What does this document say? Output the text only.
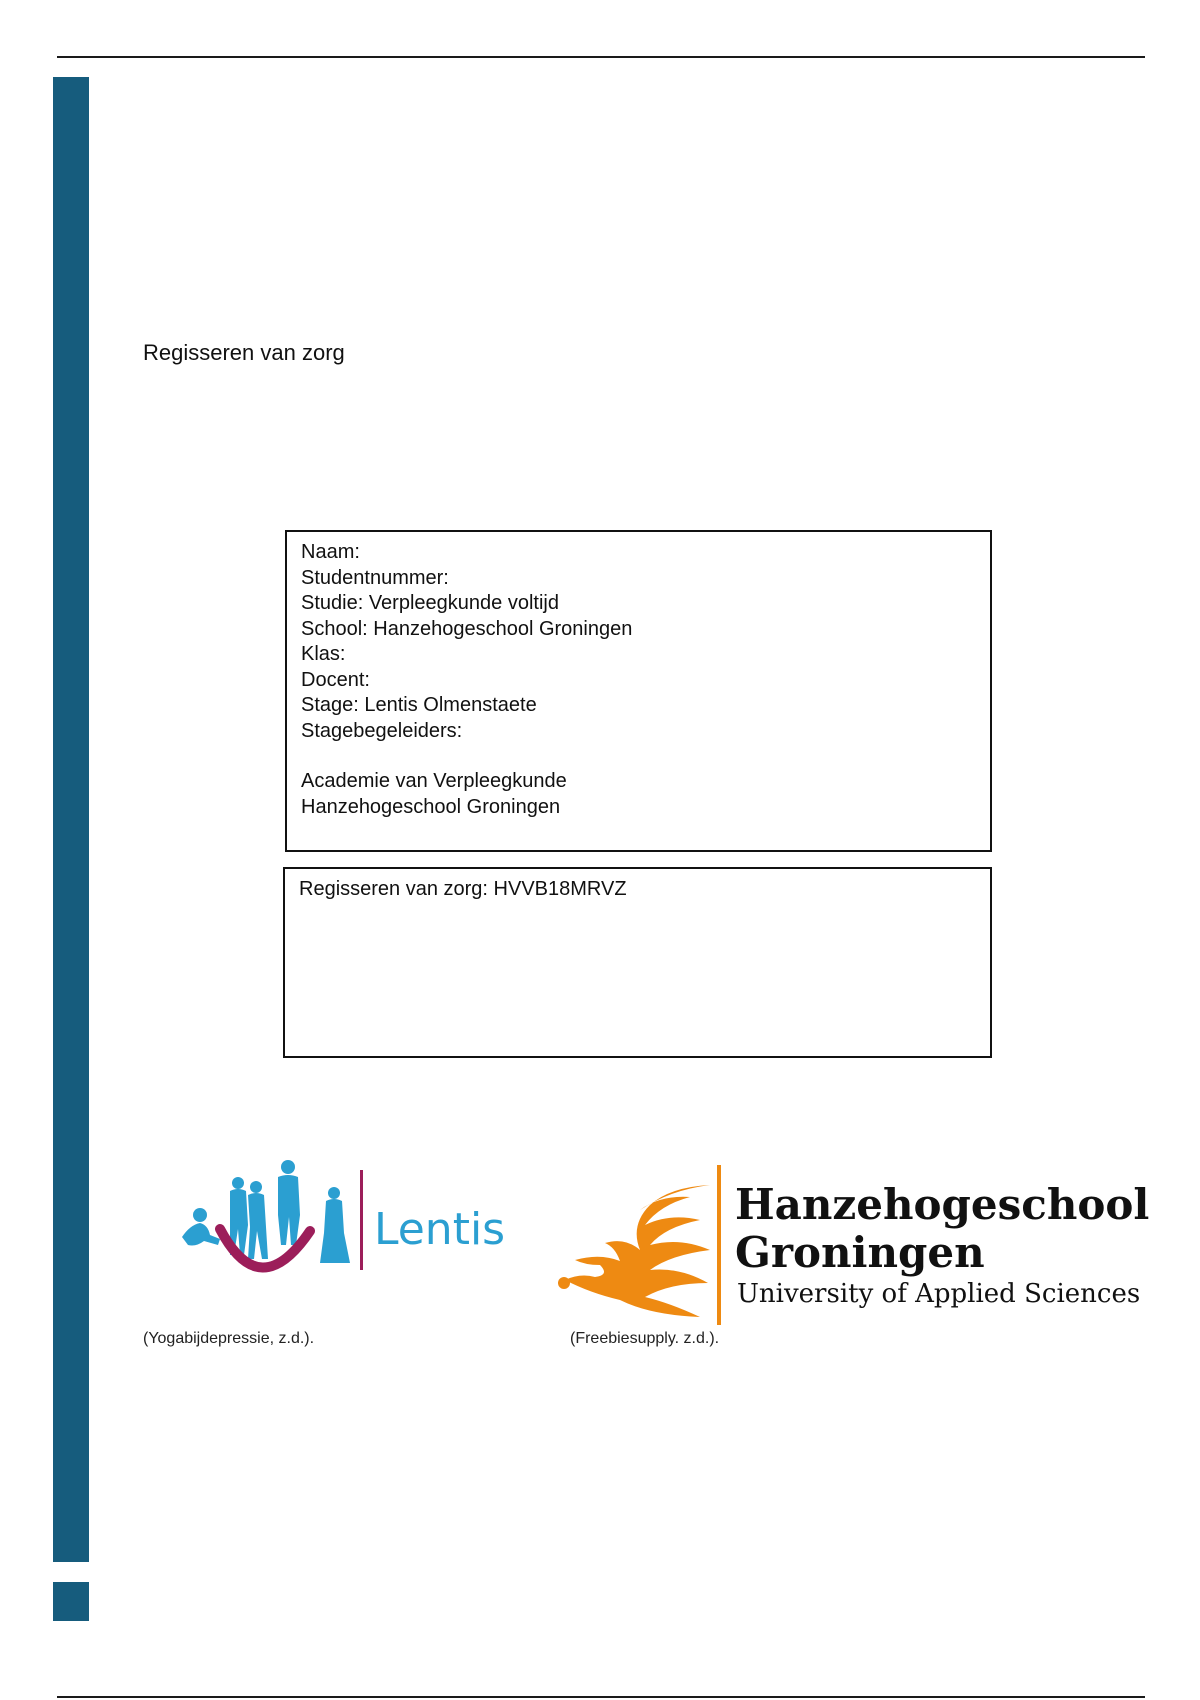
Regisseren van zorg
Naam:
Studentnummer:
Studie: Verpleegkunde voltijd
School: Hanzehogeschool Groningen
Klas:
Docent:
Stage: Lentis Olmenstaete
Stagebegeleiders:
Academie van Verpleegkunde
Hanzehogeschool Groningen
Regisseren van zorg: HVVB18MRVZ
Lentis	Hanzehogeschool
Groningen
University of Applied Sciences
(Yogabijdepressie, z.d.).	(Freebiesupply. z.d.).
